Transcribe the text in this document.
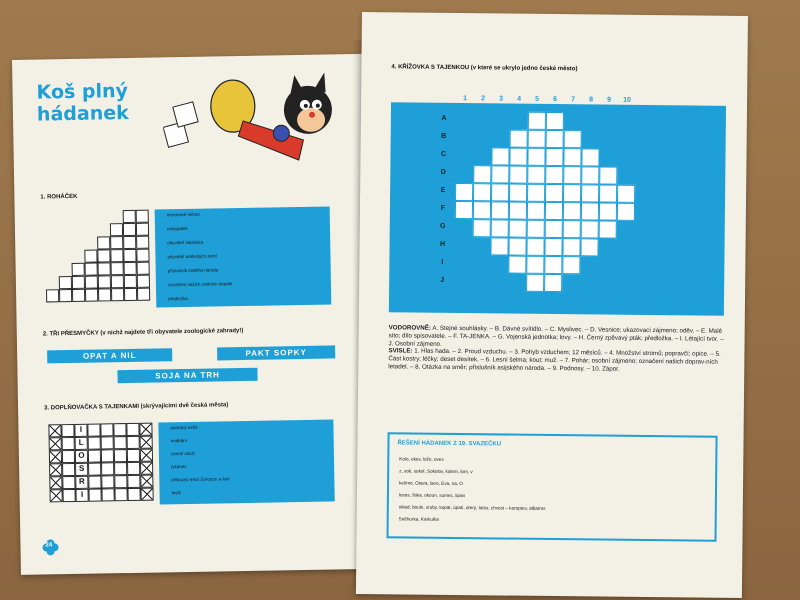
Koš plný
hádanek
1. ROHÁČEK
moravské město
nedopalek
obyvatel Valašska
obyvatel arabských zemí
příslušník malého národa
označení našich civilních letadel
předložka
2. TŘI PŘESMYČKY (v nichž najdete tři obyvatele zoologické zahrady!)
OPAT A NIL	PAKT SOPKY
SOJA NA TRH
3. DOPLŇOVAČKA S TAJENKAMI (skrývajícími dvě česká města)
I
L
O
S
R
I
potíraný keřík
nedbání
cenné zboží
tykanec
příbuzný mezi Evropou a Asií
lesík
24
4. KŘÍŽOVKA S TAJENKOU (v které se ukrylo jedno české město)
1	2	3	4	5	6	7	8	9	10
A
B
C
D
E
F
G
H
I
J
VODOROVNĚ: A. Stejné souhlásky. – B. Dávné svítidlo. – C. Myslivec. – D. Vesnice; ukazovací zájmeno; oděv. – E. Malé síto; dílo spisovatele. – F. TA-JENKA. – G. Vojenská jednotka; lovy. – H. Černý zpěvavý pták; předložka. – I. Létající tvor. – J. Osobní zájmeno.
SVISLE: 1. Hlas hada. – 2. Proud vzduchu. – 3. Pohyb vzduchem; 12 měsíců. – 4. Množství stromů; popravčí; opice. – 5. Část kostry; léčky; deset desítek. – 6. Lesní šelma; kout; muž. – 7. Pohár; osobní zájmeno; označení našich doprav-ních letadel. – 8. Otázka na směr; příslušník asijského národa. – 9. Podnosy. – 10. Zápor.
ŘEŠENÍ HÁDANEK Z 19. SVAZEČKU
Kolo, okov, lože, oves
z, sok, sokol, Sokolov, kolem, lom, v
kelímo, Otava, lano, Eva, na, O
losos, štika, okoun, sumec, lipan
sklad, boule, sruby, kopat, úpatí, úterý, lotos, chvost – koroptev, albatros
Sněhurka, Karkulka
